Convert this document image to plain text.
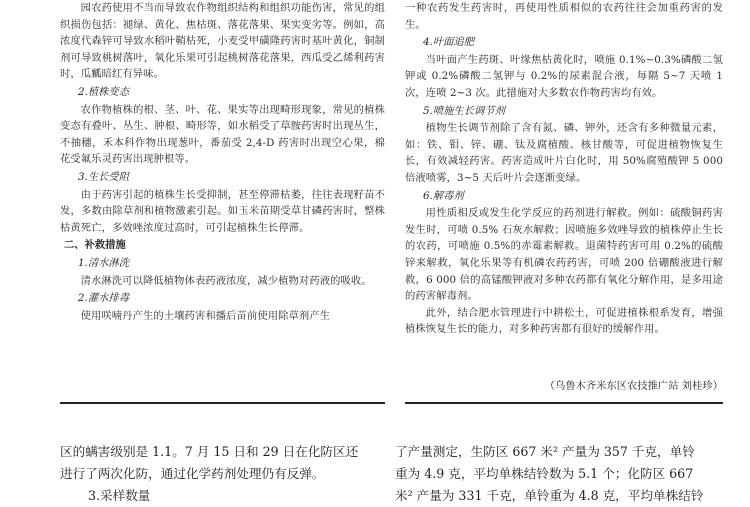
园农药使用不当而导致农作物组织结构和组织功能伤害，常见的组织损伤包括：褪绿、黄化、焦枯斑、落花落果、果实变劣等。例如，高浓度代森锌可导致水稻叶鞘枯死，小麦受甲磺隆药害时基叶黄化，铜制剂可导致桃树落叶，氧化乐果可引起桃树落花落果，西瓜受乙烯利药害时，瓜瓤暗红有异味。

2.植株变态

农作物植株的根、茎、叶、花、果实等出现畸形现象，常见的植株变态有叠叶、丛生、肿根、畸形等，如水稻受了草胺药害时出现丛生，不抽穗，禾本科作物出现葱叶，番茄受 2,4-D 药害时出现空心果，棉花受氟乐灵药害出现肿根等。

3.生长受阻

由于药害引起的植株生长受抑制，甚至停滞枯萎，往往表现籽苗不发，多数由除草剂和植物激素引起。如玉米苗期受草甘磷药害时，整株枯黄死亡，多效唑浓度过高时，可引起植株生长停滞。

二、补救措施

1.清水淋洗

清水淋洗可以降低植物体表药液浓度，减少植物对药液的吸收。

2.灌水排毒

使用咲喃丹产生的土壤药害和播后苗前使用除草剂产生

一种农药发生药害时，再使用性质相似的农药往往会加重药害的发生。

4.叶面追肥

当叶面产生药斑、叶缘焦枯黄化时，喷施 0.1%~0.3%磷酸二氢钾或 0.2%磷酸二氢钾与 0.2%的尿素混合液，每隔 5~7 天喷 1 次，连喷 2~3 次。此措施对大多数农作物药害均有效。

5.喷施生长调节剂

植物生长调节剂除了含有氮、磷、钾外，还含有多种微量元素，如：铁、钼、锌、硼、钛及腐植酸、核甘酸等，可促进植物恢复生长，有效减轻药害。药害造成叶片白化时，用 50%腐殖酸钾 5 000 倍液喷雾，3~5 天后叶片会逐渐变绿。

6.解毒剂

用性质相反或发生化学反应的药剂进行解救。例如：硫酸铜药害发生时，可喷 0.5% 石灰水解救；因喷施多效唑导致的植株停止生长的农药，可喷施 0.5%的赤霉素解救。退菌特药害可用 0.2%的硫酸锌来解救，氧化乐果等有机磷农药药害，可喷 200 倍硼酸液进行解救，6 000 倍的高锰酸钾液对多种农药都有氧化分解作用，是多用途的药害解毒剂。

此外，结合肥水管理进行中耕松土，可促进植株根系发育，增强植株恢复生长的能力，对多种药害都有很好的缓解作用。

（乌鲁木齐米东区农技推广站 刘桂珍）

区的螨害级别是 1.1。7 月 15 日和 29 日在化防区还

进行了两次化防，通过化学药剂处理仍有反弹。

3.采样数量

了产量测定，生防区 667 米² 产量为 357 千克，单铃

重为 4.9 克，平均单株结铃数为 5.1 个；化防区 667

米² 产量为 331 千克，单铃重为 4.8 克，平均单株结铃
